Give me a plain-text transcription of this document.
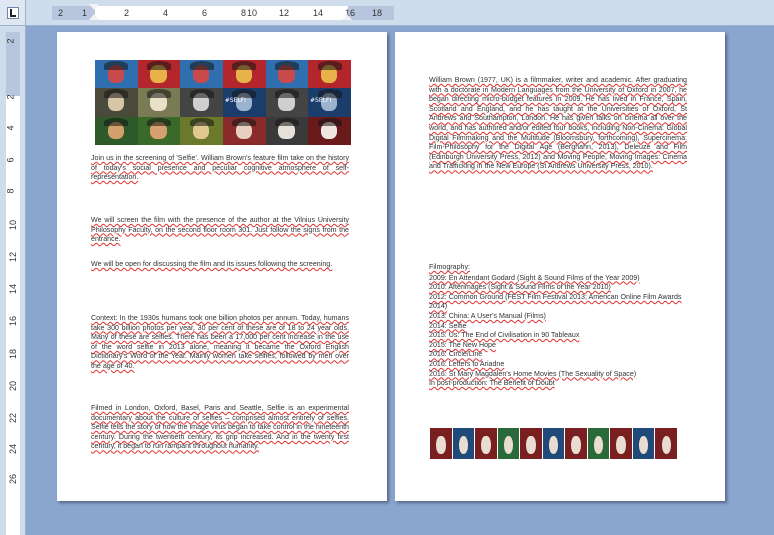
2 1	2	4	6	8 10 12	14 16 18
2
2
4
6
8
10
12
14
16
18
20
22
24
26
#SELFI	#SELFI

Join us in the screening of 'Selfie'. William Brown's feature film take on the history of today's social presence and peculiar cognitive atmosphere of self-representation.

We will screen the film with the presence of the author at the Vilnius University Philosophy Faculty, on the second floor room 301. Just follow the signs from the entrance.

We will be open for discussing the film and its issues following the screening.

Context: In the 1930s humans took one billion photos per annum. Today, humans take 300 billion photos per year, 30 per cent of these are of 18 to 24 year olds. Many of these are selfies. There has been a 17,000 per cent increase in the use of the word selfie in 2013 alone, meaning it became the Oxford English Dictionary's Word of the Year. Mainly women take selfies, followed by men over the age of 40.

Filmed in London, Oxford, Basel, Paris and Seattle, Selfie is an experimental documentary about the culture of selfies – comprised almost entirely of selfies. Selfie tells the story of how the image virus began to take control in the nineteenth century. During the twentieth century, its grip increased. And in the twenty first century, it began to run rampant throughout humanity.

William Brown (1977, UK) is a filmmaker, writer and academic. After graduating with a doctorate in Modern Languages from the University of Oxford in 2007, he began directing micro-budget features in 2009. He has lived in France, Spain, Scotland and England, and he has taught at the Universities of Oxford, St Andrews and Southampton, London. He has given talks on cinema all over the world, and has authored and/or edited four books, including Non-Cinema: Global Digital Filmmaking and the Multitude (Bloomsbury, forthcoming), Supercinema: Film-Philosophy for the Digital Age (Berghahn, 2013), Deleuze and Film (Edinburgh University Press, 2012) and Moving People, Moving Images: Cinema and Trafficking in the New Europe (St Andrews University Press, 2010).

Filmography:

2009: En Attendant Godard (Sight & Sound Films of the Year 2009)

2010: Afterimages (Sight & Sound Films of the Year 2010)

2012: Common Ground (FEST Film Festival 2013; American Online Film Awards 2014)

2013: China: A User's Manual (Films)

2014: Selfie

2015: Us: The End of Civilisation in 90 Tableaux

2015: The New Hope

2016: Circle/Line

2016: Letters to Ariadne

2016: St Mary Magdalen's Home Movies (The Sexuality of Space)

In post-production: The Benefit of Doubt
